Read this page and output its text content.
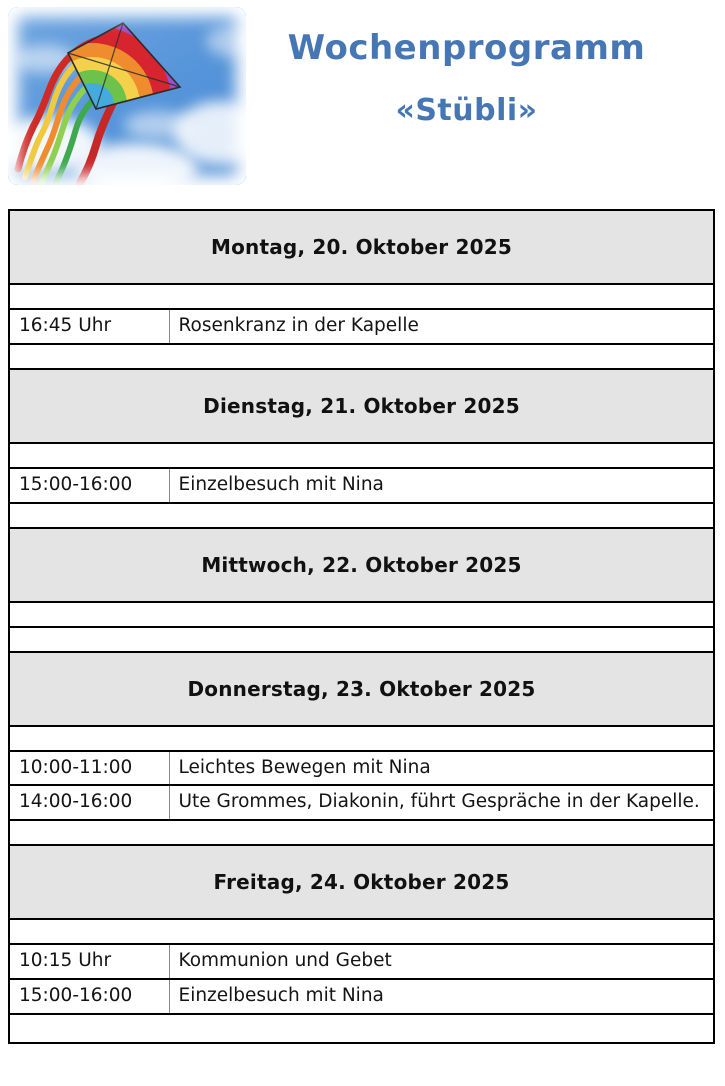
Wochenprogramm
«Stübli»
Montag, 20. Oktober 2025	

16:45 Uhr	Rosenkranz in der Kapelle

Dienstag, 21. Oktober 2025	

15:00-16:00	Einzelbesuch mit Nina

Mittwoch, 22. Oktober 2025	

Donnerstag, 23. Oktober 2025	

10:00-11:00	Leichtes Bewegen mit Nina
14:00-16:00	Ute Grommes, Diakonin, führt Gespräche in der Kapelle.

Freitag, 24. Oktober 2025	

10:15 Uhr	Kommunion und Gebet
15:00-16:00	Einzelbesuch mit Nina
